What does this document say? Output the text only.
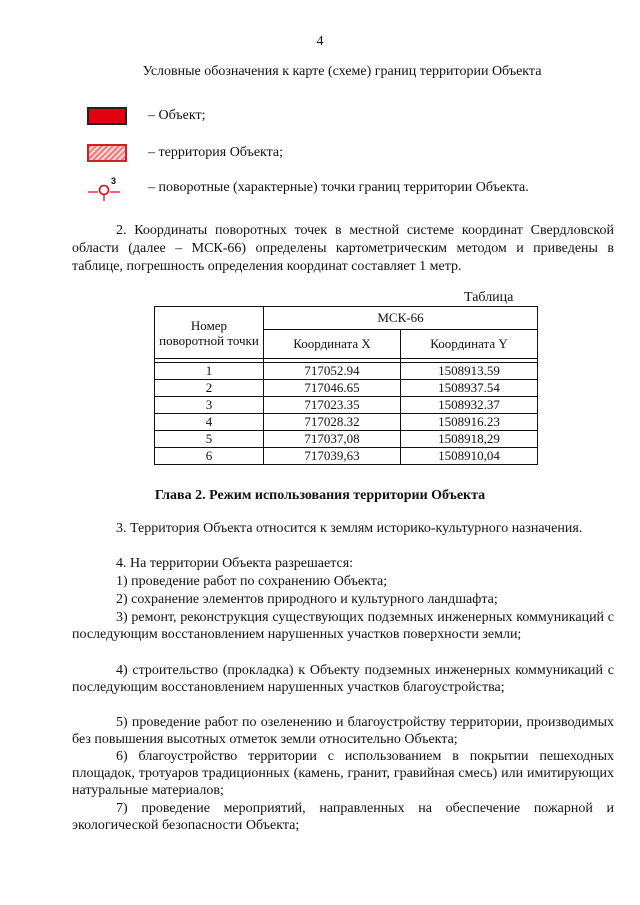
4
Условные обозначения к карте (схеме) границ территории Объекта
– Объект;
– территория Объекта;
3 – поворотные (характерные) точки границ территории Объекта.
2. Координаты поворотных точек в местной системе координат Свердловской области (далее – МСК-66) определены картометрическим методом и приведены в таблице, погрешность определения координат составляет 1 метр.
Таблица
Номер поворотной точки	МСК-66	
	Координата X	Координата Y

1	717052.94	1508913.59
2	717046.65	1508937.54
3	717023.35	1508932.37
4	717028.32	1508916.23
5	717037,08	1508918,29
6	717039,63	1508910,04
Глава 2. Режим использования территории Объекта
3. Территория Объекта относится к землям историко-культурного назначения.
4. На территории Объекта разрешается:
1) проведение работ по сохранению Объекта;
2) сохранение элементов природного и культурного ландшафта;
3) ремонт, реконструкция существующих подземных инженерных коммуникаций с последующим восстановлением нарушенных участков поверхности земли;
4) строительство (прокладка) к Объекту подземных инженерных коммуникаций с последующим восстановлением нарушенных участков благоустройства;
5) проведение работ по озеленению и благоустройству территории, производимых без повышения высотных отметок земли относительно Объекта;
6) благоустройство территории с использованием в покрытии пешеходных площадок, тротуаров традиционных (камень, гранит, гравийная смесь) или имитирующих натуральные материалов;
7) проведение мероприятий, направленных на обеспечение пожарной и экологической безопасности Объекта;
